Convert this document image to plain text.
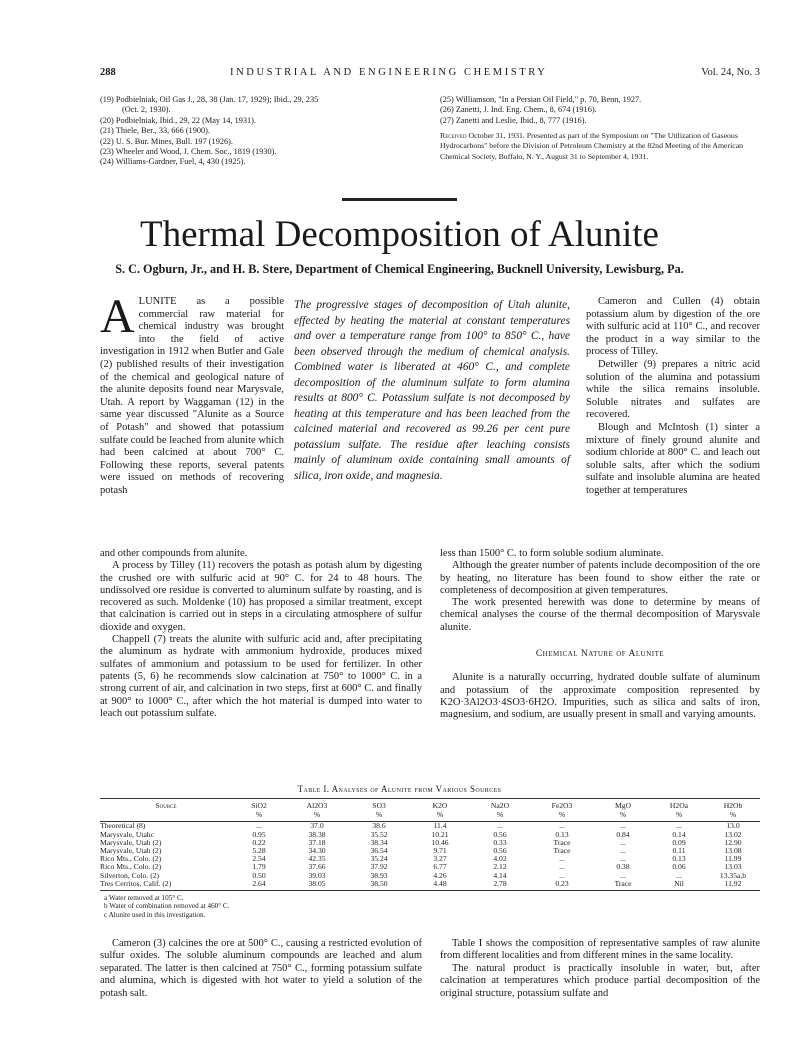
288	INDUSTRIAL AND ENGINEERING CHEMISTRY	Vol. 24, No. 3
(19) Podbielniak, Oil Gas J., 28, 38 (Jan. 17, 1929); Ibid., 29, 235
(Oct. 2, 1930).
(20) Podbielniak, Ibid., 29, 22 (May 14, 1931).
(21) Thiele, Ber., 33, 666 (1900).
(22) U. S. Bur. Mines, Bull. 197 (1926).
(23) Wheeler and Wood, J. Chem. Soc., 1819 (1930).
(24) Williams-Gardner, Fuel, 4, 430 (1925).
(25) Williamson, "In a Persian Oil Field," p. 70, Benn, 1927.
(26) Zanetti, J. Ind. Eng. Chem., 8, 674 (1916).
(27) Zanetti and Leslie, Ibid., 8, 777 (1916).
Received October 31, 1931. Presented as part of the Symposium on "The Utilization of Gaseous Hydrocarbons" before the Division of Petroleum Chemistry at the 82nd Meeting of the American Chemical Society, Buffalo, N. Y., August 31 to September 4, 1931.
Thermal Decomposition of Alunite
S. C. Ogburn, Jr., and H. B. Stere, Department of Chemical Engineering, Bucknell University, Lewisburg, Pa.
ALUNITE as a possible commercial raw material for chemical industry was brought into the field of active investigation in 1912 when Butler and Gale (2) published results of their investigation of the chemical and geological nature of the alunite deposits found near Marysvale, Utah. A report by Waggaman (12) in the same year discussed "Alunite as a Source of Potash" and showed that potassium sulfate could be leached from alunite which had been calcined at about 700° C. Following these reports, several patents were issued on methods of recovering potash
The progressive stages of decomposition of Utah alunite, effected by heating the material at constant temperatures and over a temperature range from 100° to 850° C., have been observed through the medium of chemical analysis. Combined water is liberated at 460° C., and complete decomposition of the aluminum sulfate to form alumina results at 800° C. Potassium sulfate is not decomposed by heating at this temperature and has been leached from the calcined material and recovered as 99.26 per cent pure potassium sulfate. The residue after leaching consists mainly of aluminum oxide containing small amounts of silica, iron oxide, and magnesia.

Cameron and Cullen (4) obtain potassium alum by digestion of the ore with sulfuric acid at 110° C., and recover the product in a way similar to the process of Tilley.

Detwiller (9) prepares a nitric acid solution of the alumina and potassium while the silica remains insoluble. Soluble nitrates and sulfates are recovered.

Blough and McIntosh (1) sinter a mixture of finely ground alunite and sodium chloride at 800° C. and leach out soluble salts, after which the sodium sulfate and insoluble alumina are heated together at temperatures

and other compounds from alunite.

A process by Tilley (11) recovers the potash as potash alum by digesting the crushed ore with sulfuric acid at 90° C. for 24 to 48 hours. The undissolved ore residue is converted to aluminum sulfate by roasting, and is recovered as such. Moldenke (10) has proposed a similar treatment, except that calcination is carried out in steps in a circulating atmosphere of sulfur dioxide and oxygen.

Chappell (7) treats the alunite with sulfuric acid and, after precipitating the aluminum as hydrate with ammonium hydroxide, produces mixed sulfates of ammonium and potassium to be used for fertilizer. In other patents (5, 6) he recommends slow calcination at 750° to 1000° C. in a strong current of air, and calcination in two steps, first at 600° C. and finally at 900° to 1000° C., after which the hot material is dumped into water to leach out potassium sulfate.

less than 1500° C. to form soluble sodium aluminate.

Although the greater number of patents include decomposition of the ore by heating, no literature has been found to show either the rate or completeness of decomposition at given temperatures.

The work presented herewith was done to determine by means of chemical analyses the course of the thermal decomposition of Marysvale alunite.

Chemical Nature of Alunite

Alunite is a naturally occurring, hydrated double sulfate of aluminum and potassium of the approximate composition represented by K2O·3Al2O3·4SO3·6H2O. Impurities, such as silica and salts of iron, magnesium, and sodium, are usually present in small and varying amounts.

Table I. Analyses of Alunite from Various Sources
Source	SiO2	Al2O3	SO3	K2O	Na2O	Fe2O3	MgO	H2Oa	H2Ob
	%	%	%	%	%	%	%	%	%
Theoretical (8)	...	37.0	38.6	11.4	...	...	...	...	13.0
Marysvale, Utahc	0.95	38.38	35.52	10.21	0.56	0.13	0.84	0.14	13.02
Marysvale, Utah (2)	0.22	37.18	38.34	10.46	0.33	Trace	...	0.09	12.90
Marysvale, Utah (2)	5.28	34.30	36.54	9.71	0.56	Trace	...	0.11	13.08
Rico Mts., Colo. (2)	2.54	42.35	35.24	3.27	4.02	...	...	0.13	11.99
Rico Mts., Colo. (2)	1.79	37.66	37.92	6.77	2.12	...	0.38	0.06	13.03
Silverton, Colo. (2)	0.50	39.03	38.93	4.26	4.14	...	...	...	13.35a,b
Tres Cerritos, Calif. (2)	2.64	38.05	38.50	4.48	2.78	0.23	Trace	Nil	11.92
a Water removed at 105° C.
b Water of combination removed at 460° C.
c Alunite used in this investigation.

Cameron (3) calcines the ore at 500° C., causing a restricted evolution of sulfur oxides. The soluble aluminum compounds are leached and alum separated. The latter is then calcined at 750° C., forming potassium sulfate and alumina, which is digested with hot water to yield a solution of the potash salt.

Table I shows the composition of representative samples of raw alunite from different localities and from different mines in the same locality.

The natural product is practically insoluble in water, but, after calcination at temperatures which produce partial decomposition of the original structure, potassium sulfate and
